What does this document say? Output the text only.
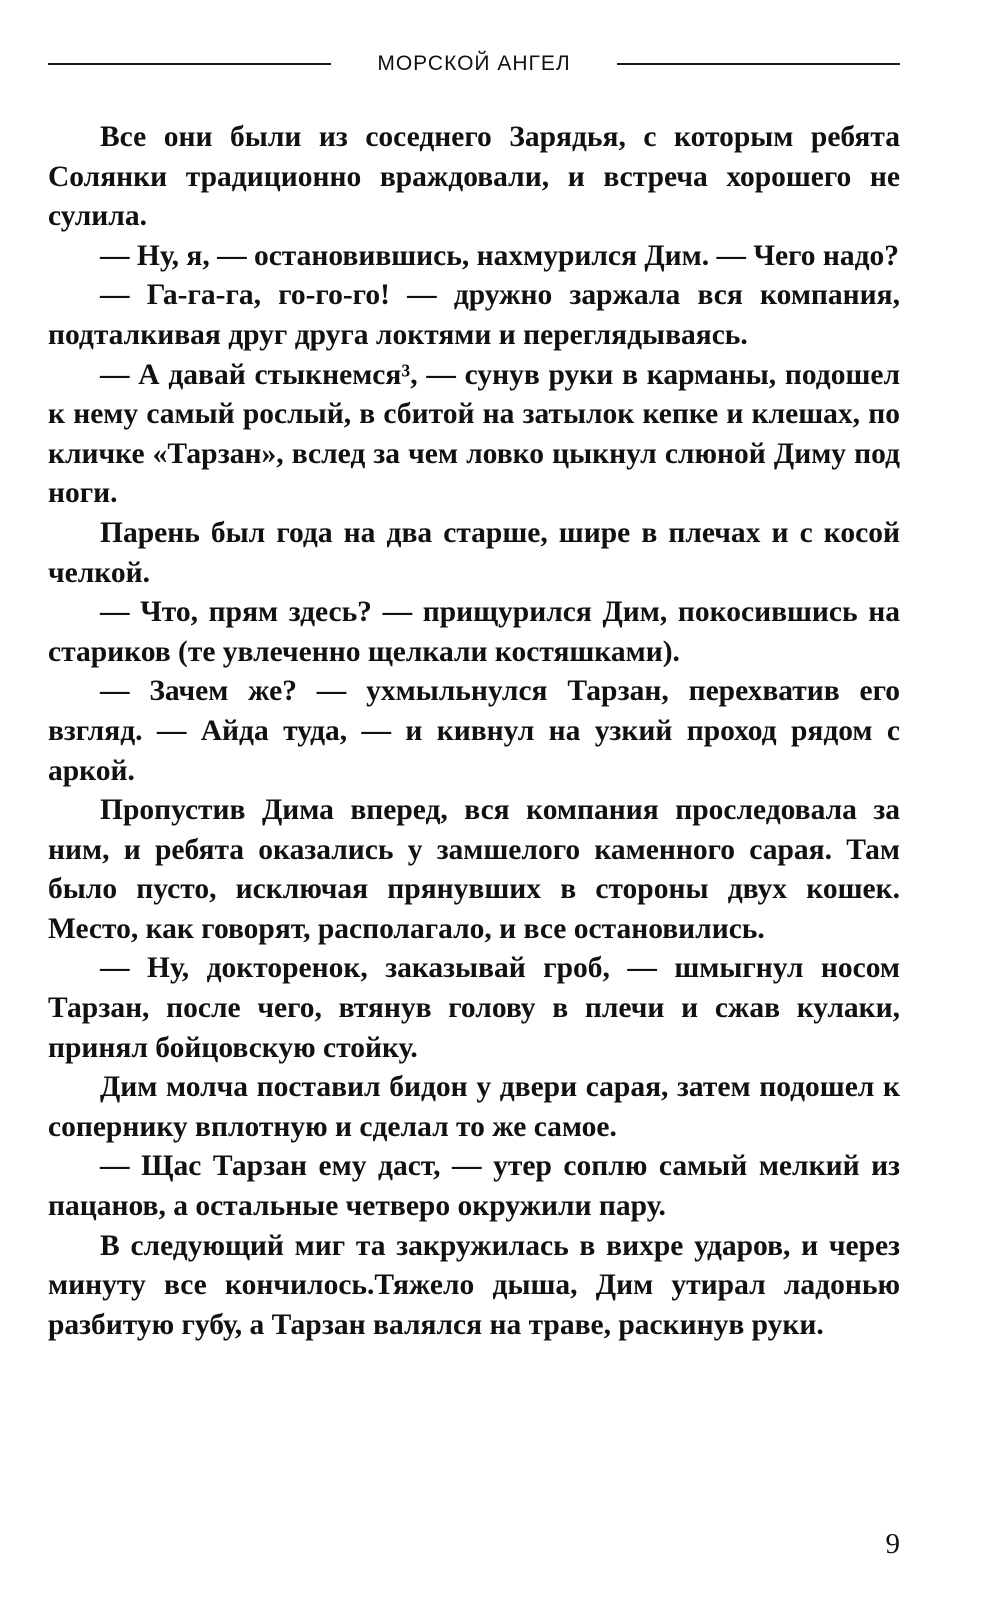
МОРСКОЙ АНГЕЛ

Все они были из соседнего Зарядья, с которым ребята Солянки традиционно враждовали, и встреча хорошего не сулила.

— Ну, я, — остановившись, нахмурился Дим. — Чего надо?

— Га-га-га, го-го-го! — дружно заржала вся компания, подталкивая друг друга локтями и переглядываясь.

— А давай стыкнемся³, — сунув руки в карманы, подошел к нему самый рослый, в сбитой на затылок кепке и клешах, по кличке «Тарзан», вслед за чем ловко цыкнул слюной Диму под ноги.

Парень был года на два старше, шире в плечах и с косой челкой.

— Что, прям здесь? — прищурился Дим, покосившись на стариков (те увлеченно щелкали костяшками).

— Зачем же? — ухмыльнулся Тарзан, перехватив его взгляд. — Айда туда, — и кивнул на узкий проход рядом с аркой.

Пропустив Дима вперед, вся компания проследовала за ним, и ребята оказались у замшелого каменного сарая. Там было пусто, исключая прянувших в стороны двух кошек. Место, как говорят, располагало, и все остановились.

— Ну, докторенок, заказывай гроб, — шмыгнул носом Тарзан, после чего, втянув голову в плечи и сжав кулаки, принял бойцовскую стойку.

Дим молча поставил бидон у двери сарая, затем подошел к сопернику вплотную и сделал то же самое.

— Щас Тарзан ему даст, — утер соплю самый мелкий из пацанов, а остальные четверо окружили пару.

В следующий миг та закружилась в вихре ударов, и через минуту все кончилось.Тяжело дыша, Дим утирал ладонью разбитую губу, а Тарзан валялся на траве, раскинув руки.

9
